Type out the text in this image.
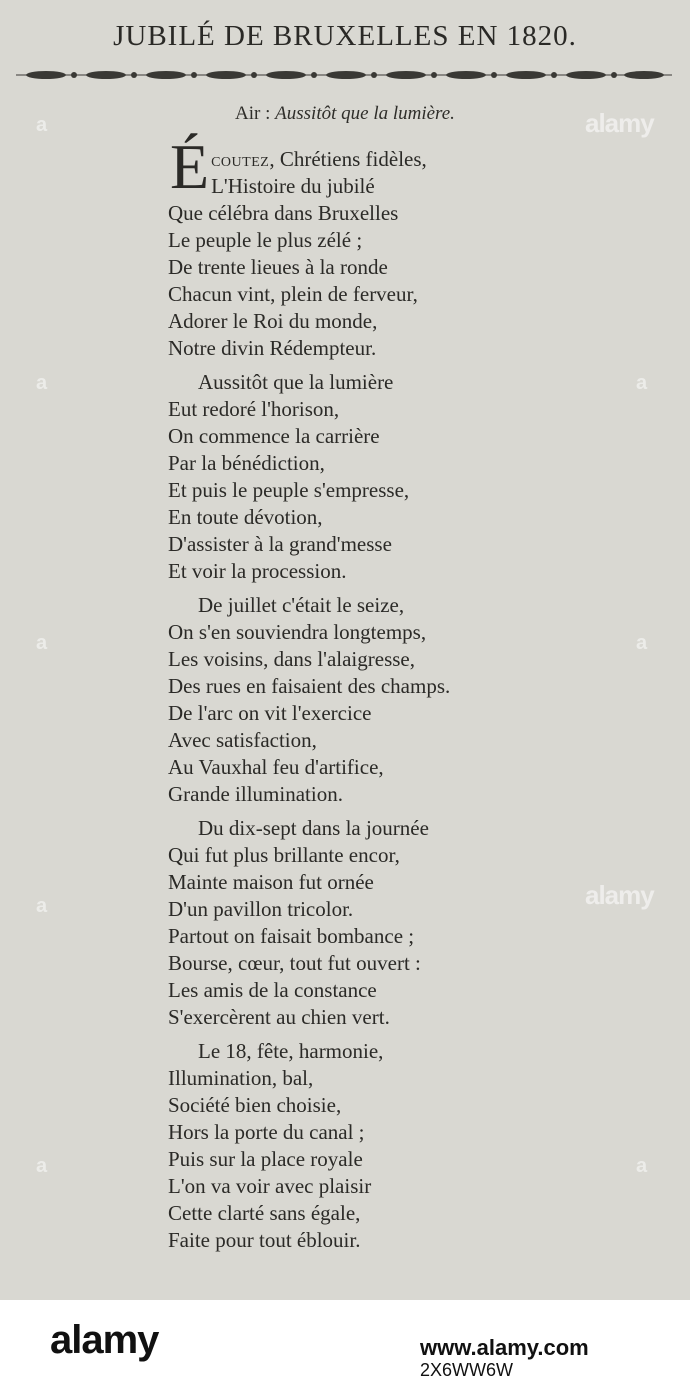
JUBILÉ DE BRUXELLES EN 1820.
Air : Aussitôt que la lumière.
É COUTEZ, Chrétiens fidèles,
L'Histoire du jubilé
Que célébra dans Bruxelles
Le peuple le plus zélé ;
De trente lieues à la ronde
Chacun vint, plein de ferveur,
Adorer le Roi du monde,
Notre divin Rédempteur.
Aussitôt que la lumière
Eut redoré l'horison,
On commence la carrière
Par la bénédiction,
Et puis le peuple s'empresse,
En toute dévotion,
D'assister à la grand'messe
Et voir la procession.
De juillet c'était le seize,
On s'en souviendra longtemps,
Les voisins, dans l'alaigresse,
Des rues en faisaient des champs.
De l'arc on vit l'exercice
Avec satisfaction,
Au Vauxhal feu d'artifice,
Grande illumination.
Du dix-sept dans la journée
Qui fut plus brillante encor,
Mainte maison fut ornée
D'un pavillon tricolor.
Partout on faisait bombance ;
Bourse, cœur, tout fut ouvert :
Les amis de la constance
S'exercèrent au chien vert.
Le 18, fête, harmonie,
Illumination, bal,
Société bien choisie,
Hors la porte du canal ;
Puis sur la place royale
L'on va voir avec plaisir
Cette clarté sans égale,
Faite pour tout éblouir.
alamy
alamy
a
a
a
a
a
a
a
a
alamy	www.alamy.com
2X6WW6W
